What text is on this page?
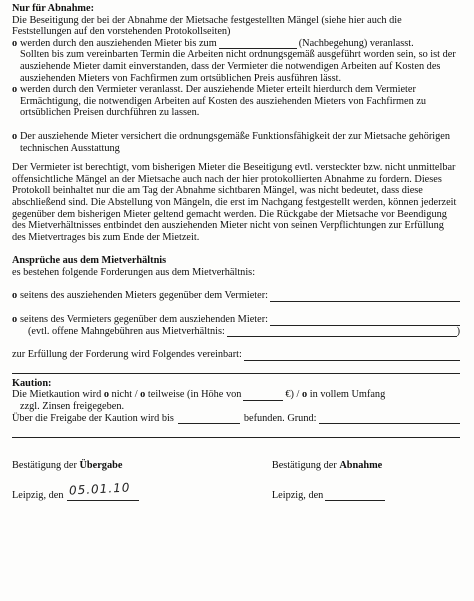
Nur für Abnahme:

Die Beseitigung der bei der Abnahme der Mietsache festgestellten Mängel (siehe hier auch die Feststellungen auf den vorstehenden Protokollseiten)

o werden durch den ausziehenden Mieter bis zum	(Nachbegehung) veranlasst.

Sollten bis zum vereinbarten Termin die Arbeiten nicht ordnungsgemäß ausgeführt worden sein, so ist der ausziehende Mieter damit einverstanden, dass der Vermieter die notwendigen Arbeiten auf Kosten des ausziehenden Mieters von Fachfirmen zum ortsüblichen Preis ausführen lässt.

o werden durch den Vermieter veranlasst. Der ausziehende Mieter erteilt hierdurch dem Vermieter Ermächtigung, die notwendigen Arbeiten auf Kosten des ausziehenden Mieters von Fachfirmen zu ortsüblichen Preisen durchführen zu lassen.

o Der ausziehende Mieter versichert die ordnungsgemäße Funktionsfähigkeit der zur Mietsache gehörigen technischen Ausstattung

Der Vermieter ist berechtigt, vom bisherigen Mieter die Beseitigung evtl. versteckter bzw. nicht unmittelbar offensichtliche Mängel an der Mietsache auch nach der hier protokollierten Abnahme zu fordern. Dieses Protokoll beinhaltet nur die am Tag der Abnahme sichtbaren Mängel, was nicht bedeutet, dass diese abschließend sind. Die Abstellung von Mängeln, die erst im Nachgang festgestellt werden, können jederzeit gegenüber dem bisherigen Mieter geltend gemacht werden. Die Rückgabe der Mietsache vor Beendigung des Mietverhältnisses entbindet den ausziehenden Mieter nicht von seinen Verpflichtungen zur Erfüllung des Mietvertrages bis zum Ende der Mietzeit.

Ansprüche aus dem Mietverhältnis

es bestehen folgende Forderungen aus dem Mietverhältnis:

o seitens des ausziehenden Mieters gegenüber dem Vermieter:
o seitens des Vermieters gegenüber dem ausziehenden Mieter:
(evtl. offene Mahngebühren aus Mietverhältnis:	)
zur Erfüllung der Forderung wird Folgendes vereinbart:

Kaution:

Die Mietkaution wird
o
nicht /
o
teilweise (in Höhe von	€) /
o
in vollem Umfang

zzgl. Zinsen freigegeben.

Über die Freigabe der Kaution wird bis	befunden. Grund:
Bestätigung der Übergabe	Bestätigung der Abnahme
Leipzig, den 05.01.10	Leipzig, den
